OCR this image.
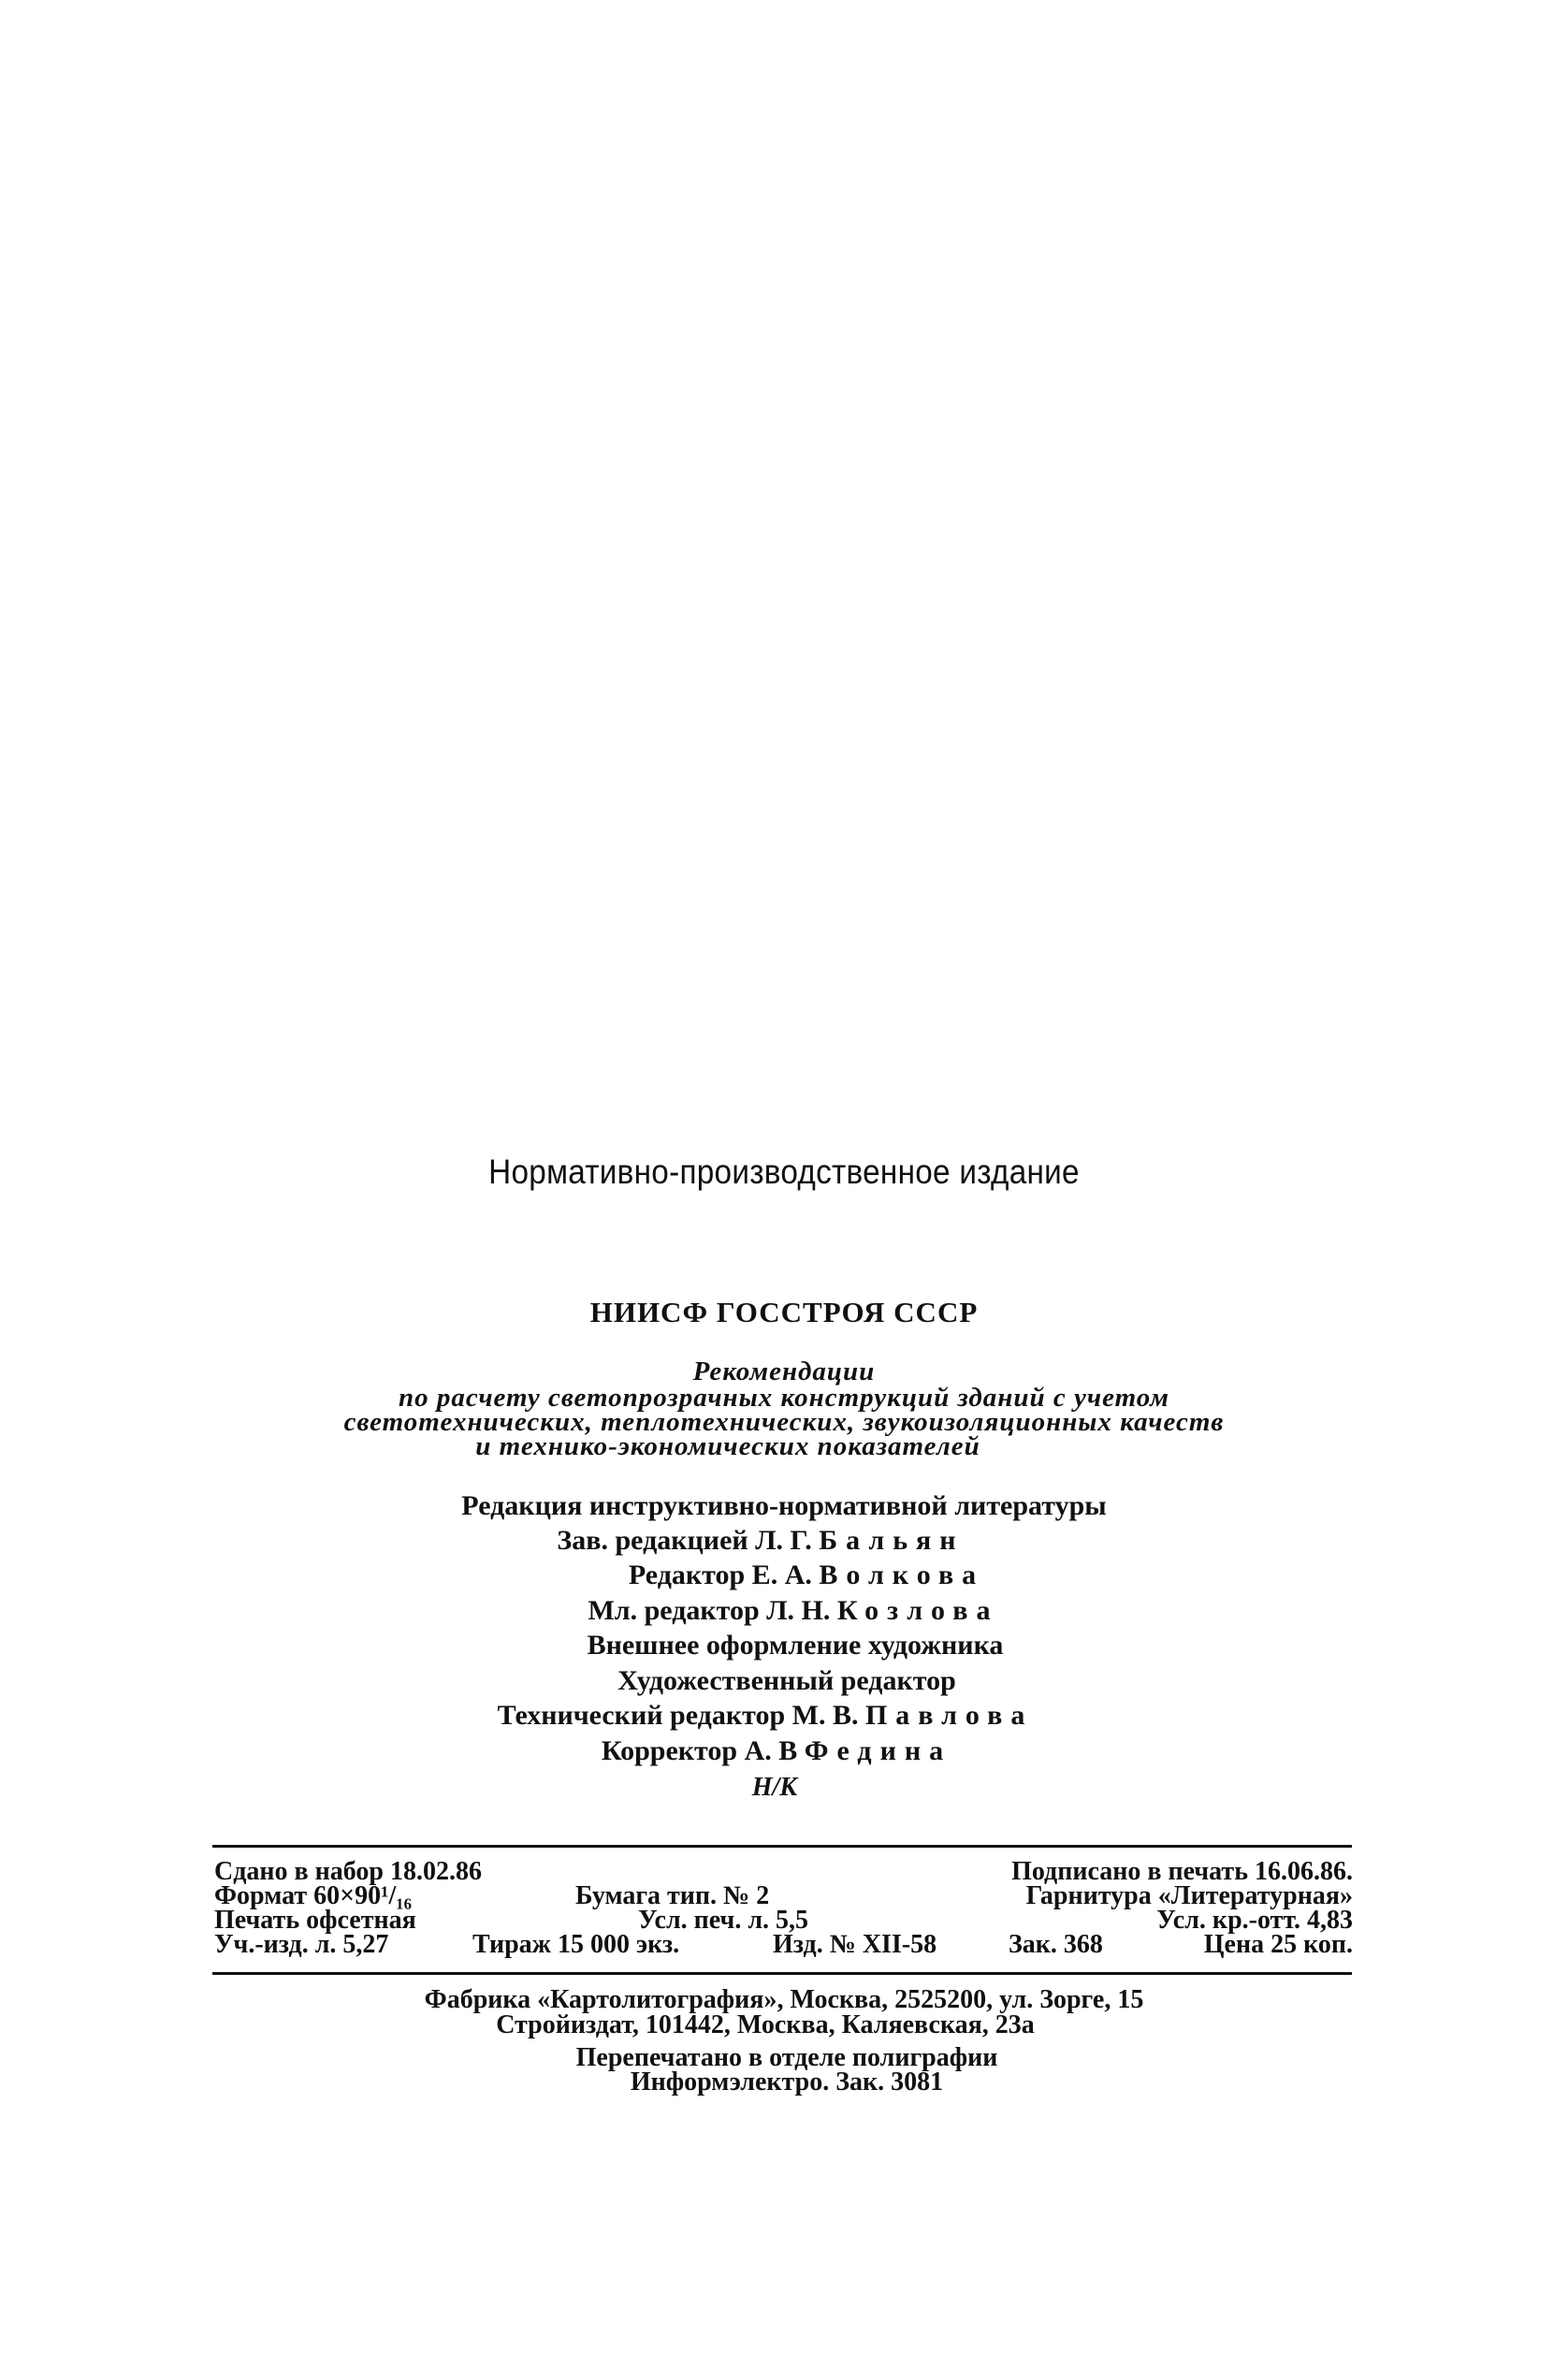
Нормативно-производственное издание
НИИСФ ГОССТРОЯ СССР
Рекомендации
по расчету светопрозрачных конструкций зданий с учетом
светотехнических, теплотехнических, звукоизоляционных качеств
и технико-экономических показателей
Редакция инструктивно-нормативной литературы
Зав. редакцией Л. Г. Бальян
Редактор Е. А. Волкова
Мл. редактор Л. Н. Козлова
Внешнее оформление художника
Художественный редактор
Технический редактор М. В. Павлова
Корректор А. В Федина
Н/К
Сдано в набор 18.02.86	Подписано в печать 16.06.86.
Формат 60×90¹/₁₆	Бумага тип. № 2	Гарнитура «Литературная»
Печать офсетная	Усл. печ. л. 5,5	Усл. кр.-отт. 4,83
Уч.-изд. л. 5,27	Тираж 15 000 экз.	Изд. № XII-58	Зак. 368	Цена 25 коп.
Фабрика «Картолитография», Москва, 2525200, ул. Зорге, 15
Стройиздат, 101442, Москва, Каляевская, 23а
Перепечатано в отделе полиграфии
Информэлектро. Зак. 3081
